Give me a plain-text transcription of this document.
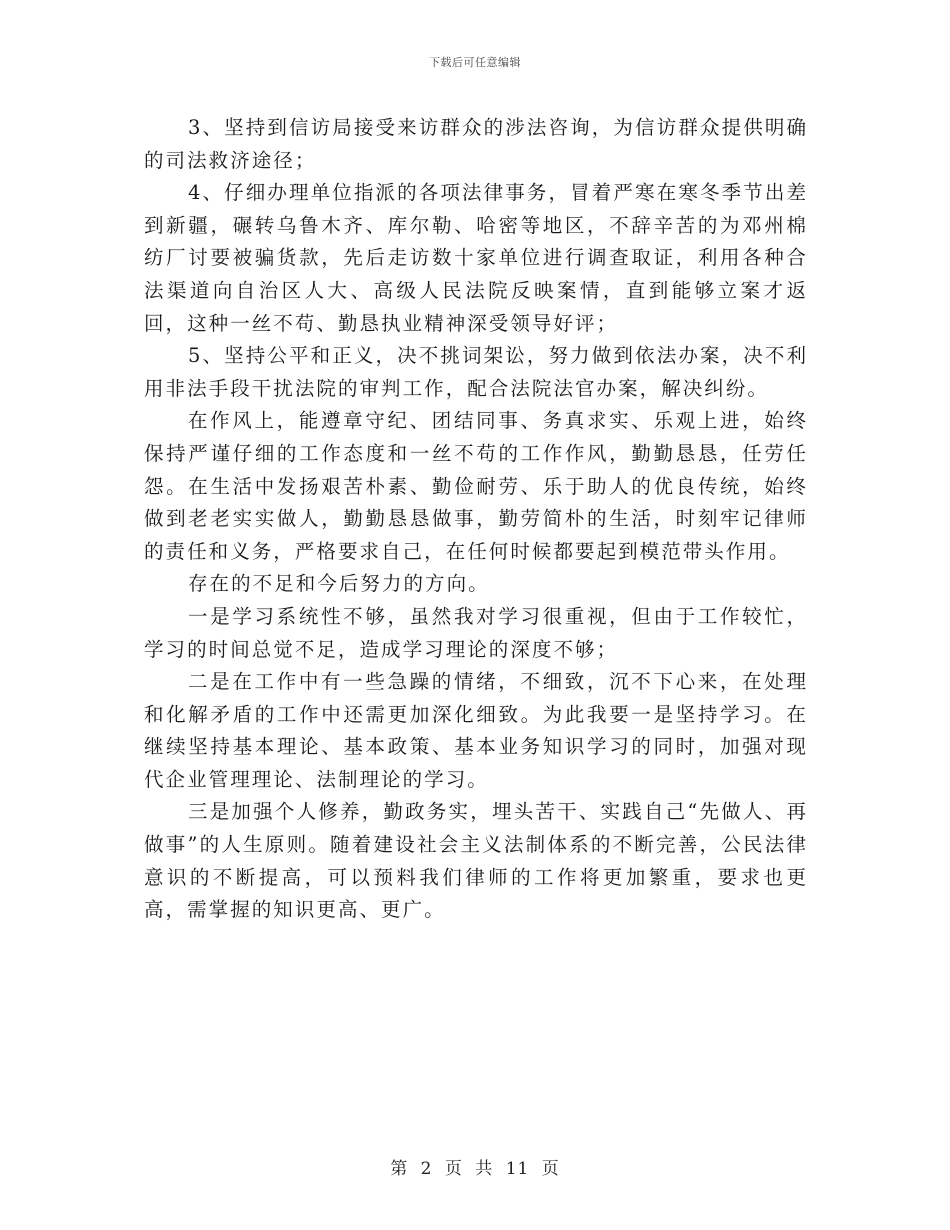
下载后可任意编辑

3、坚持到信访局接受来访群众的涉法咨询，为信访群众提供明确的司法救济途径；

4、仔细办理单位指派的各项法律事务，冒着严寒在寒冬季节出差到新疆，碾转乌鲁木齐、库尔勒、哈密等地区，不辞辛苦的为邓州棉纺厂讨要被骗货款，先后走访数十家单位进行调查取证，利用各种合法渠道向自治区人大、高级人民法院反映案情，直到能够立案才返回，这种一丝不苟、勤恳执业精神深受领导好评；

5、坚持公平和正义，决不挑词架讼，努力做到依法办案，决不利用非法手段干扰法院的审判工作，配合法院法官办案，解决纠纷。

在作风上，能遵章守纪、团结同事、务真求实、乐观上进，始终保持严谨仔细的工作态度和一丝不苟的工作作风，勤勤恳恳，任劳任怨。在生活中发扬艰苦朴素、勤俭耐劳、乐于助人的优良传统，始终做到老老实实做人，勤勤恳恳做事，勤劳简朴的生活，时刻牢记律师的责任和义务，严格要求自己，在任何时候都要起到模范带头作用。

存在的不足和今后努力的方向。

一是学习系统性不够，虽然我对学习很重视，但由于工作较忙，学习的时间总觉不足，造成学习理论的深度不够；

二是在工作中有一些急躁的情绪，不细致，沉不下心来，在处理和化解矛盾的工作中还需更加深化细致。为此我要一是坚持学习。在继续坚持基本理论、基本政策、基本业务知识学习的同时，加强对现代企业管理理论、法制理论的学习。

三是加强个人修养，勤政务实，埋头苦干、实践自己“先做人、再做事”的人生原则。随着建设社会主义法制体系的不断完善，公民法律意识的不断提高，可以预料我们律师的工作将更加繁重，要求也更高，需掌握的知识更高、更广。

第 2 页 共 11 页
